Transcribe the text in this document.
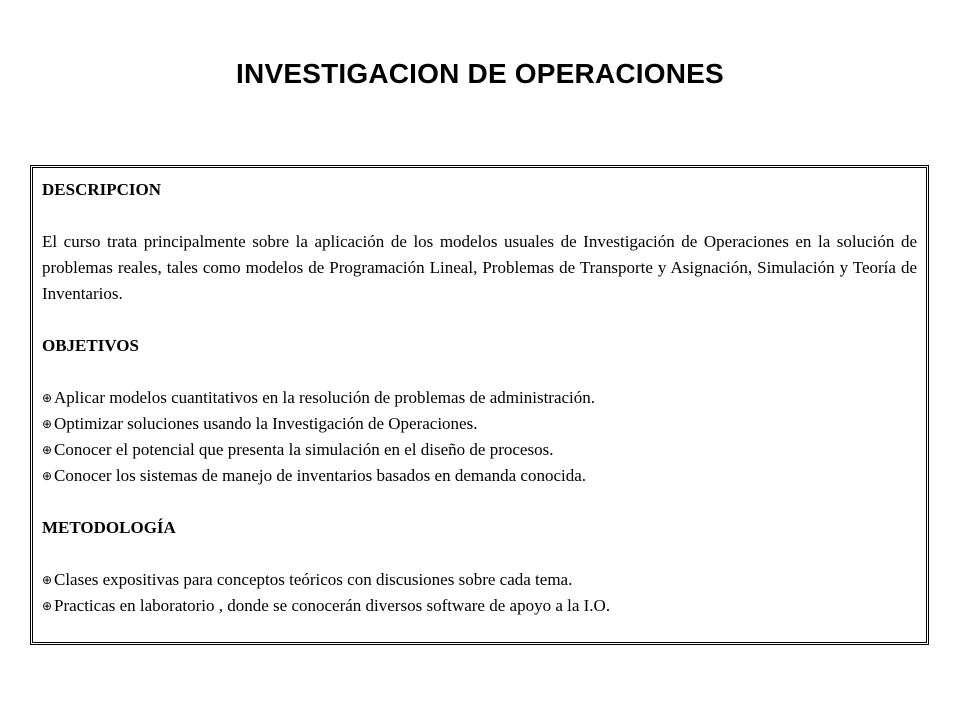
INVESTIGACION DE OPERACIONES

DESCRIPCION

El curso trata principalmente sobre la aplicación de los modelos usuales de Investigación de Operaciones en la solución de problemas reales, tales como modelos de Programación Lineal, Problemas de Transporte y Asignación, Simulación y Teoría de Inventarios.

OBJETIVOS

⊕ Aplicar modelos cuantitativos en la resolución de problemas de administración.
⊕ Optimizar soluciones usando la Investigación de Operaciones.
⊕ Conocer el potencial que presenta la simulación en el diseño de procesos.
⊕ Conocer los sistemas de manejo de inventarios basados en demanda conocida.

METODOLOGÍA

⊕ Clases expositivas para conceptos teóricos con discusiones sobre cada tema.
⊕ Practicas en laboratorio , donde se conocerán diversos software de apoyo a la I.O.
